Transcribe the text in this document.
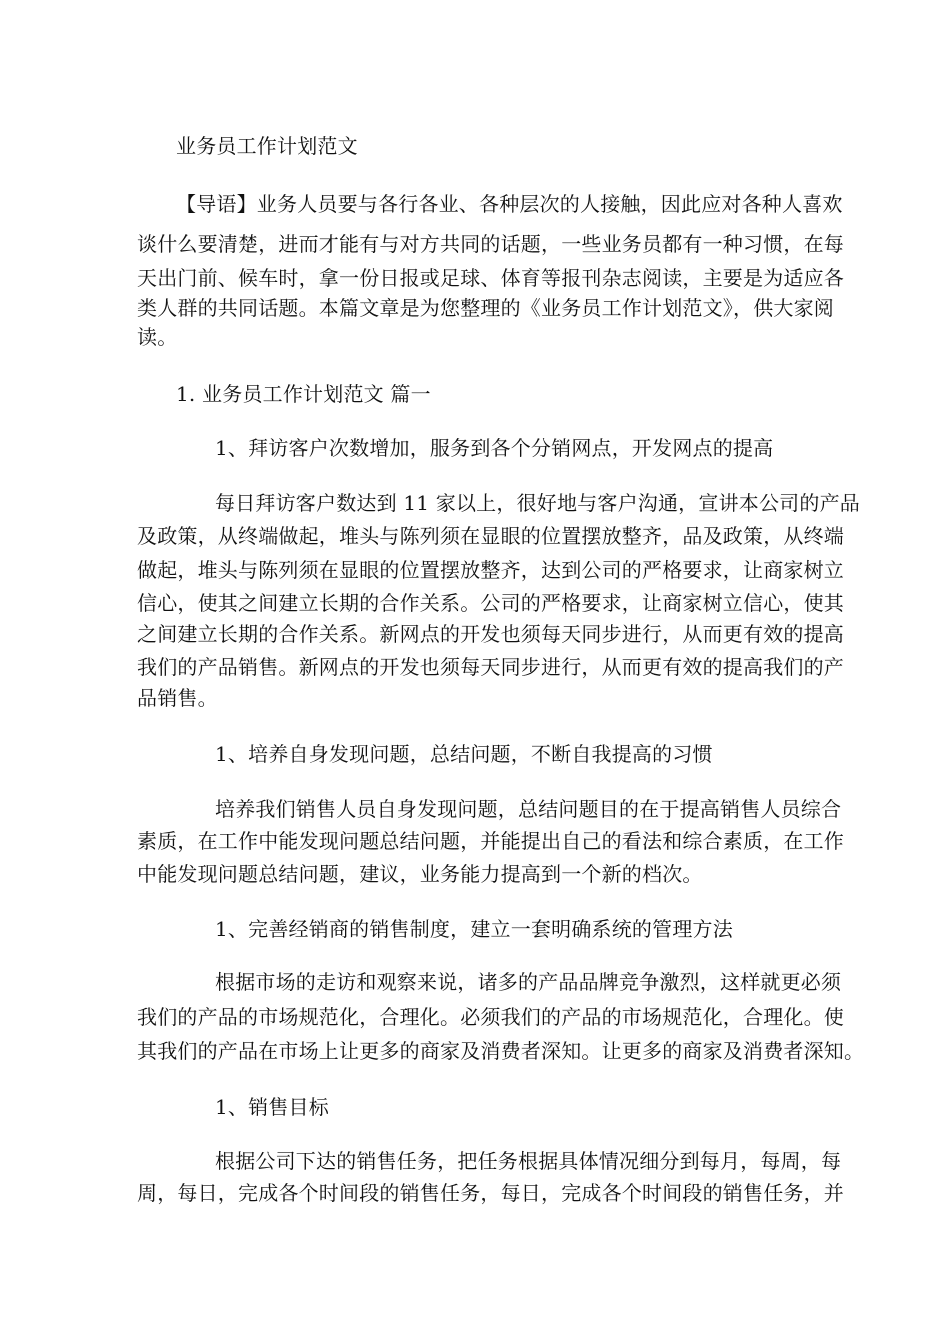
业务员工作计划范文
【导语】业务人员要与各行各业、各种层次的人接触，因此应对各种人喜欢
谈什么要清楚，进而才能有与对方共同的话题，一些业务员都有一种习惯，在每
天出门前、候车时，拿一份日报或足球、体育等报刊杂志阅读，主要是为适应各
类人群的共同话题。本篇文章是为您整理的《业务员工作计划范文》，供大家阅
读。
1. 业务员工作计划范文 篇一
1、拜访客户次数增加，服务到各个分销网点，开发网点的提高
每日拜访客户数达到 11 家以上，很好地与客户沟通，宣讲本公司的产品
及政策，从终端做起，堆头与陈列须在显眼的位置摆放整齐，品及政策，从终端
做起，堆头与陈列须在显眼的位置摆放整齐，达到公司的严格要求，让商家树立
信心，使其之间建立长期的合作关系。公司的严格要求，让商家树立信心，使其
之间建立长期的合作关系。新网点的开发也须每天同步进行，从而更有效的提高
我们的产品销售。新网点的开发也须每天同步进行，从而更有效的提高我们的产
品销售。
1、培养自身发现问题，总结问题，不断自我提高的习惯
培养我们销售人员自身发现问题，总结问题目的在于提高销售人员综合
素质，在工作中能发现问题总结问题，并能提出自己的看法和综合素质，在工作
中能发现问题总结问题，建议，业务能力提高到一个新的档次。
1、完善经销商的销售制度，建立一套明确系统的管理方法
根据市场的走访和观察来说，诸多的产品品牌竞争激烈，这样就更必须
我们的产品的市场规范化，合理化。必须我们的产品的市场规范化，合理化。使
其我们的产品在市场上让更多的商家及消费者深知。让更多的商家及消费者深知。
1、销售目标
根据公司下达的销售任务，把任务根据具体情况细分到每月，每周，每
周，每日，完成各个时间段的销售任务，每日，完成各个时间段的销售任务，并
